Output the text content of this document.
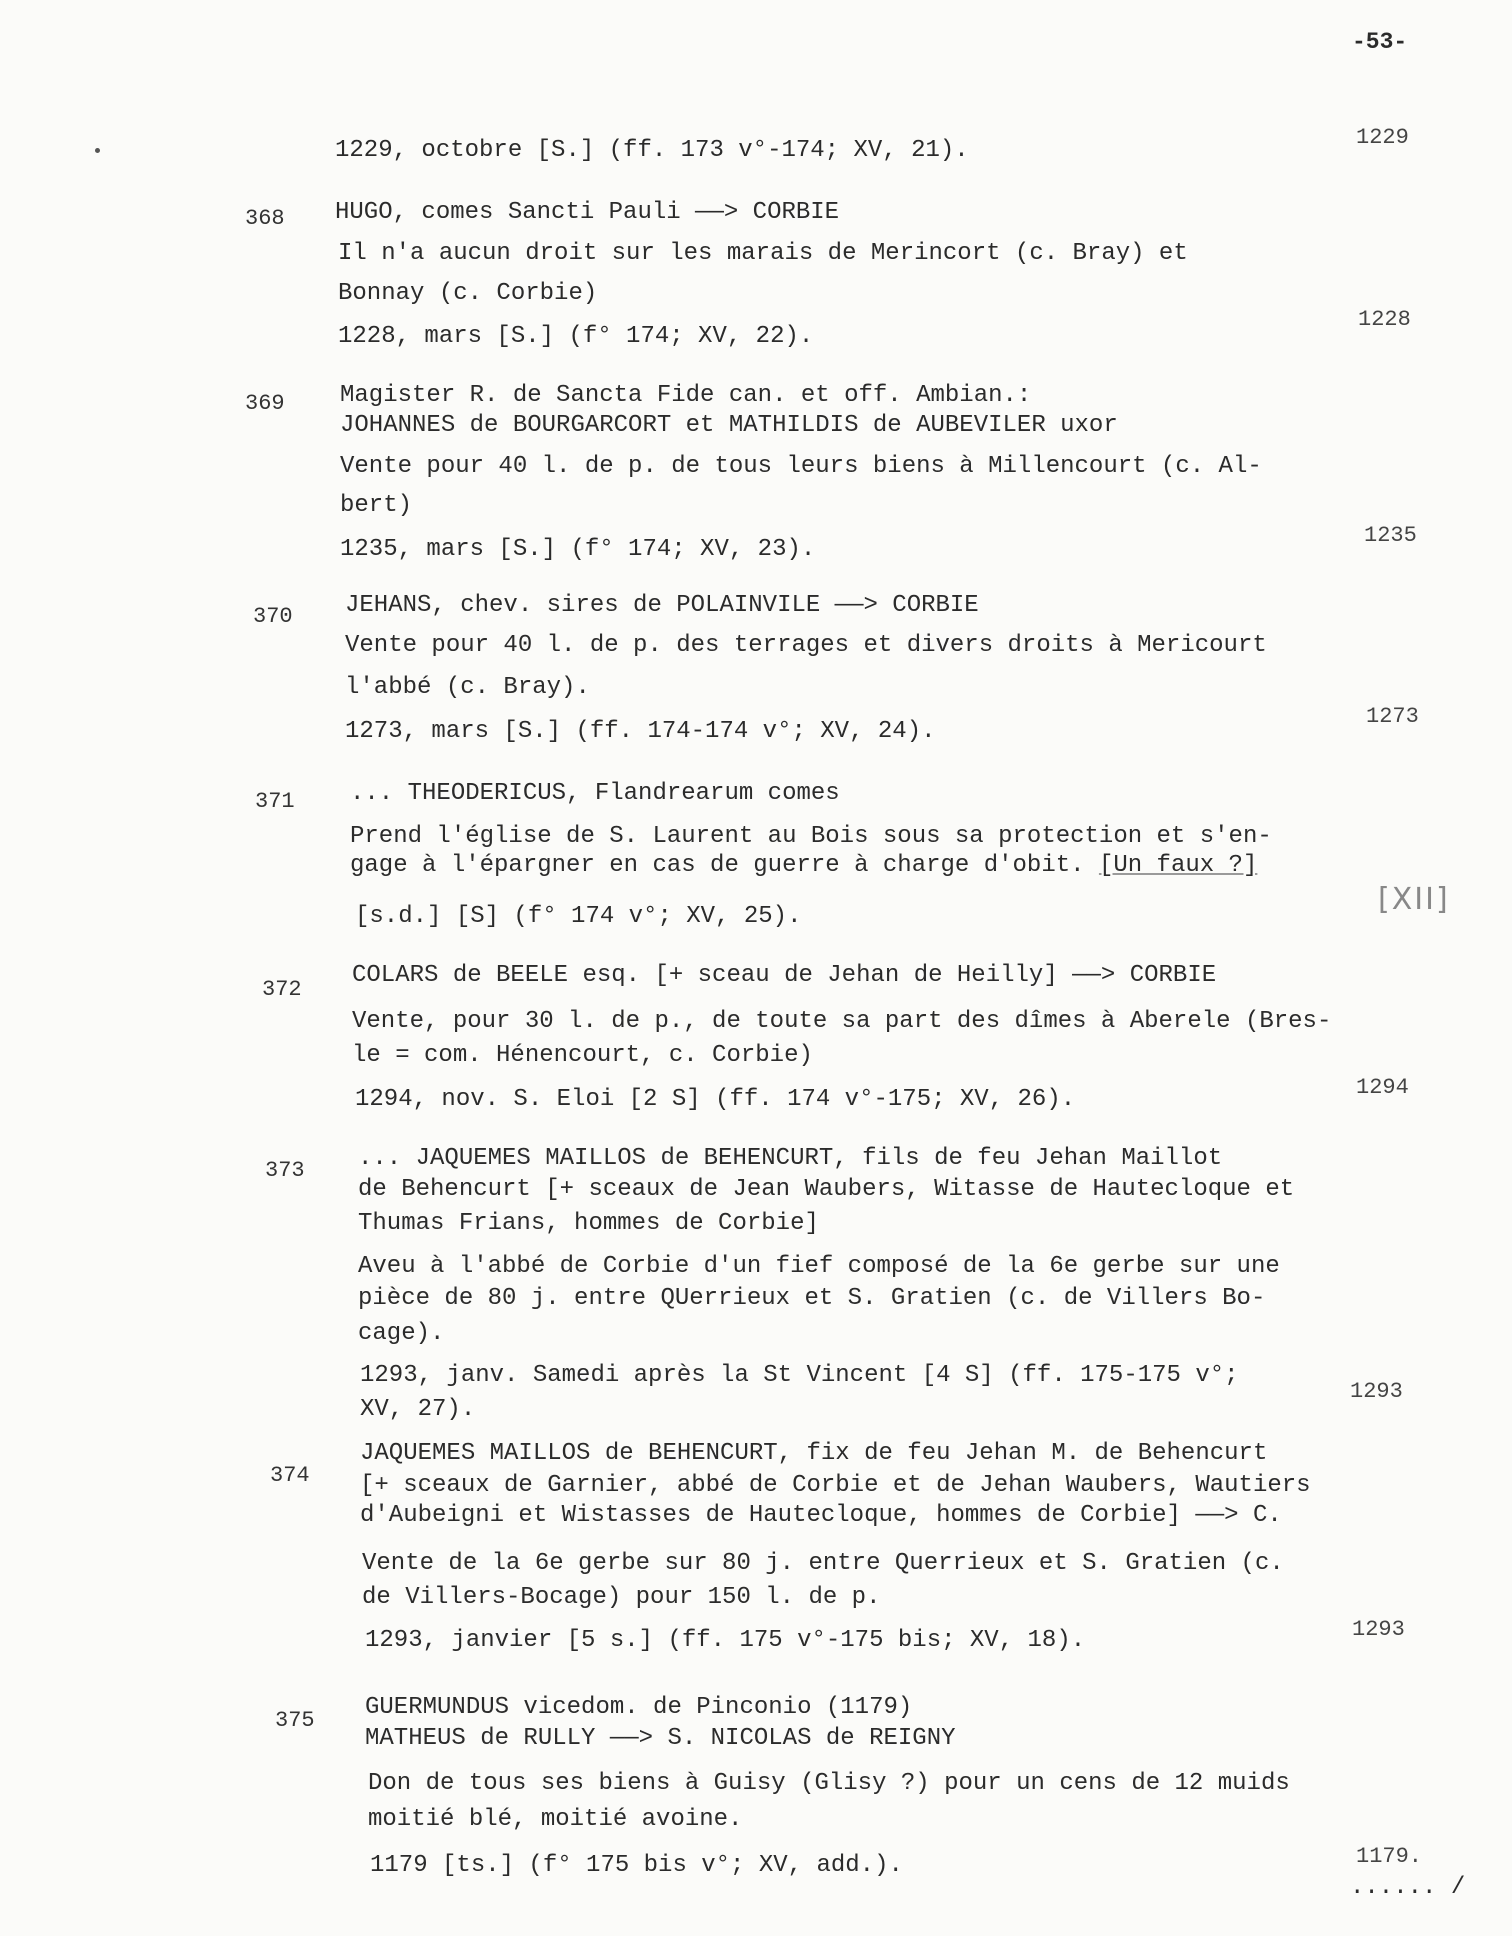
-53-
1229, octobre [S.] (ff. 173 v°-174; XV, 21).	1229
368 HUGO, comes Sancti Pauli ——> CORBIE
Il n'a aucun droit sur les marais de Merincort (c. Bray) et
Bonnay (c. Corbie)
1228, mars [S.] (f° 174; XV, 22).
1228
369 Magister R. de Sancta Fide can. et off. Ambian.:
JOHANNES de BOURGARCORT et MATHILDIS de AUBEVILER uxor
Vente pour 40 l. de p. de tous leurs biens à Millencourt (c. Al-
bert)
1235, mars [S.] (f° 174; XV, 23).
1235
370 JEHANS, chev. sires de POLAINVILE ——> CORBIE
Vente pour 40 l. de p. des terrages et divers droits à Mericourt
l'abbé (c. Bray).
1273, mars [S.] (ff. 174-174 v°; XV, 24).
1273
371 ... THEODERICUS, Flandrearum comes
Prend l'église de S. Laurent au Bois sous sa protection et s'en-
gage à l'épargner en cas de guerre à charge d'obit. [Un faux ?]
[s.d.] [S] (f° 174 v°; XV, 25).	[XII]
372
COLARS de BEELE esq. [+ sceau de Jehan de Heilly] ——> CORBIE
Vente, pour 30 l. de p., de toute sa part des dîmes à Aberele (Bres-
le = com. Hénencourt, c. Corbie)
1294, nov. S. Eloi [2 S] (ff. 174 v°-175; XV, 26).	1294
373 ... JAQUEMES MAILLOS de BEHENCURT, fils de feu Jehan Maillot
de Behencurt [+ sceaux de Jean Waubers, Witasse de Hautecloque et
Thumas Frians, hommes de Corbie]
Aveu à l'abbé de Corbie d'un fief composé de la 6e gerbe sur une
pièce de 80 j. entre QUerrieux et S. Gratien (c. de Villers Bo-
cage).
1293, janv. Samedi après la St Vincent [4 S] (ff. 175-175 v°;
XV, 27).
1293
374
JAQUEMES MAILLOS de BEHENCURT, fix de feu Jehan M. de Behencurt
[+ sceaux de Garnier, abbé de Corbie et de Jehan Waubers, Wautiers
d'Aubeigni et Wistasses de Hautecloque, hommes de Corbie] ——> C.
Vente de la 6e gerbe sur 80 j. entre Querrieux et S. Gratien (c.
de Villers-Bocage) pour 150 l. de p.
1293, janvier [5 s.] (ff. 175 v°-175 bis; XV, 18).	1293
375 GUERMUNDUS vicedom. de Pinconio (1179)
MATHEUS de RULLY ——> S. NICOLAS de REIGNY
Don de tous ses biens à Guisy (Glisy ?) pour un cens de 12 muids
moitié blé, moitié avoine.
1179 [ts.] (f° 175 bis v°; XV, add.).	1179.
...... /
